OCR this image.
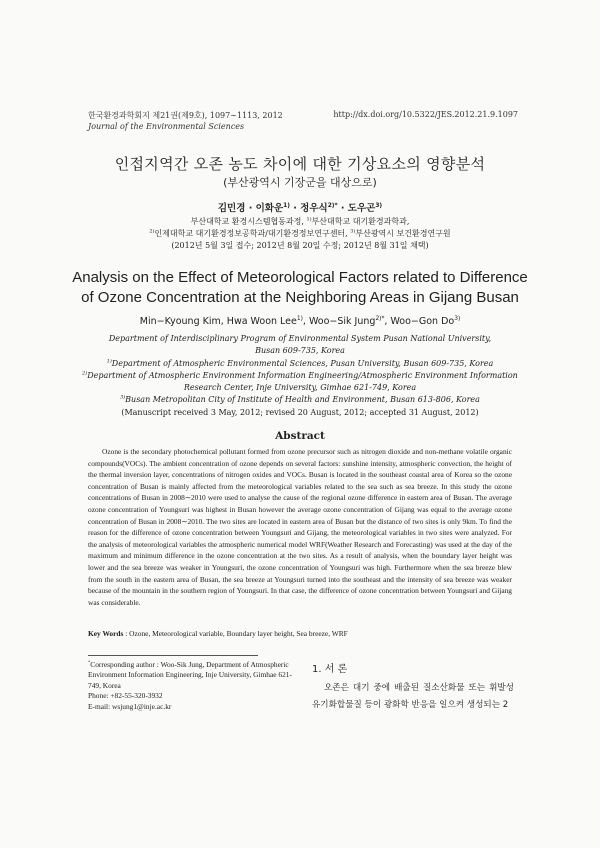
한국환경과학회지 제21권(제9호), 1097∼1113, 2012
Journal of the Environmental Sciences
http://dx.doi.org/10.5322/JES.2012.21.9.1097
인접지역간 오존 농도 차이에 대한 기상요소의 영향분석
(부산광역시 기장군을 대상으로)
김민경 · 이화운$^{1)}$ · 정우식$^{2)*}$ · 도우곤$^{3)}$
부산대학교 환경시스템협동과정, $^{1)}$부산대학교 대기환경과학과,
$^{2)}$인제대학교 대기환경정보공학과/대기환경정보연구센터, $^{3)}$부산광역시 보건환경연구원
(2012년 5월 3일 접수; 2012년 8월 20일 수정; 2012년 8월 31일 채택)
Analysis on the Effect of Meteorological Factors related to Difference of Ozone Concentration at the Neighboring Areas in Gijang Busan
Min−Kyoung Kim, Hwa Woon Lee$^{1)}$, Woo−Sik Jung$^{2)*}$, Woo−Gon Do$^{3)}$
Department of Interdisciplinary Program of Environmental System Pusan National University,
Busan 609-735, Korea
$^{1)}$Department of Atmospheric Environmental Sciences, Pusan University, Busan 609-735, Korea
$^{2)}$Department of Atmospheric Environment Information Engineering/Atmospheric Environment Information
Research Center, Inje University, Gimhae 621-749, Korea
$^{3)}$Busan Metropolitan City of Institute of Health and Environment, Busan 613-806, Korea
(Manuscript received 3 May, 2012; revised 20 August, 2012; accepted 31 August, 2012)
Abstract
Ozone is the secondary photochemical pollutant formed from ozone precursor such as nitrogen dioxide and non-methane volatile organic compounds(VOCs). The ambient concentration of ozone depends on several factors: sunshine intensity, atmospheric convection, the height of the thermal inversion layer, concentrations of nitrogen oxides and VOCs. Busan is located in the southeast coastal area of Korea so the ozone concentration of Busan is mainly affected from the meteorological variables related to the sea such as sea breeze. In this study the ozone concentrations of Busan in 2008∼2010 were used to analyse the cause of the regional ozone difference in eastern area of Busan. The average ozone concentration of Youngsuri was highest in Busan however the average ozone concentration of Gijang was equal to the average ozone concentration of Busan in 2008∼2010. The two sites are located in eastern area of Busan but the distance of two sites is only 9km. To find the reason for the difference of ozone concentration between Youngsuri and Gijang, the meteorological variables in two sites were analyzed. For the analysis of meteorological variables the atmospheric numerical model WRF(Weather Research and Forecasting) was used at the day of the maximum and minimum difference in the ozone concentration at the two sites. As a result of analysis, when the boundary layer height was lower and the sea breeze was weaker in Youngsuri, the ozone concentration of Youngsuri was high. Furthermore when the sea breeze blew from the south in the eastern area of Busan, the sea breeze at Youngsuri turned into the southeast and the intensity of sea breeze was weaker because of the mountain in the southern region of Youngsuri. In that case, the difference of ozone concentration between Youngsuri and Gijang was considerable.
Key Words : Ozone, Meteorological variable, Boundary layer height, Sea breeze, WRF
*Corresponding author : Woo-Sik Jung, Department of Atmospheric Environment Information Engineering, Inje University, Gimhae 621-749, Korea
Phone: +82-55-320-3932
E-mail: wsjung1@inje.ac.kr
1. 서 론
오존은 대기 중에 배출된 질소산화물 또는 휘발성 유기화합물질 등이 광화학 반응을 일으켜 생성되는 2
